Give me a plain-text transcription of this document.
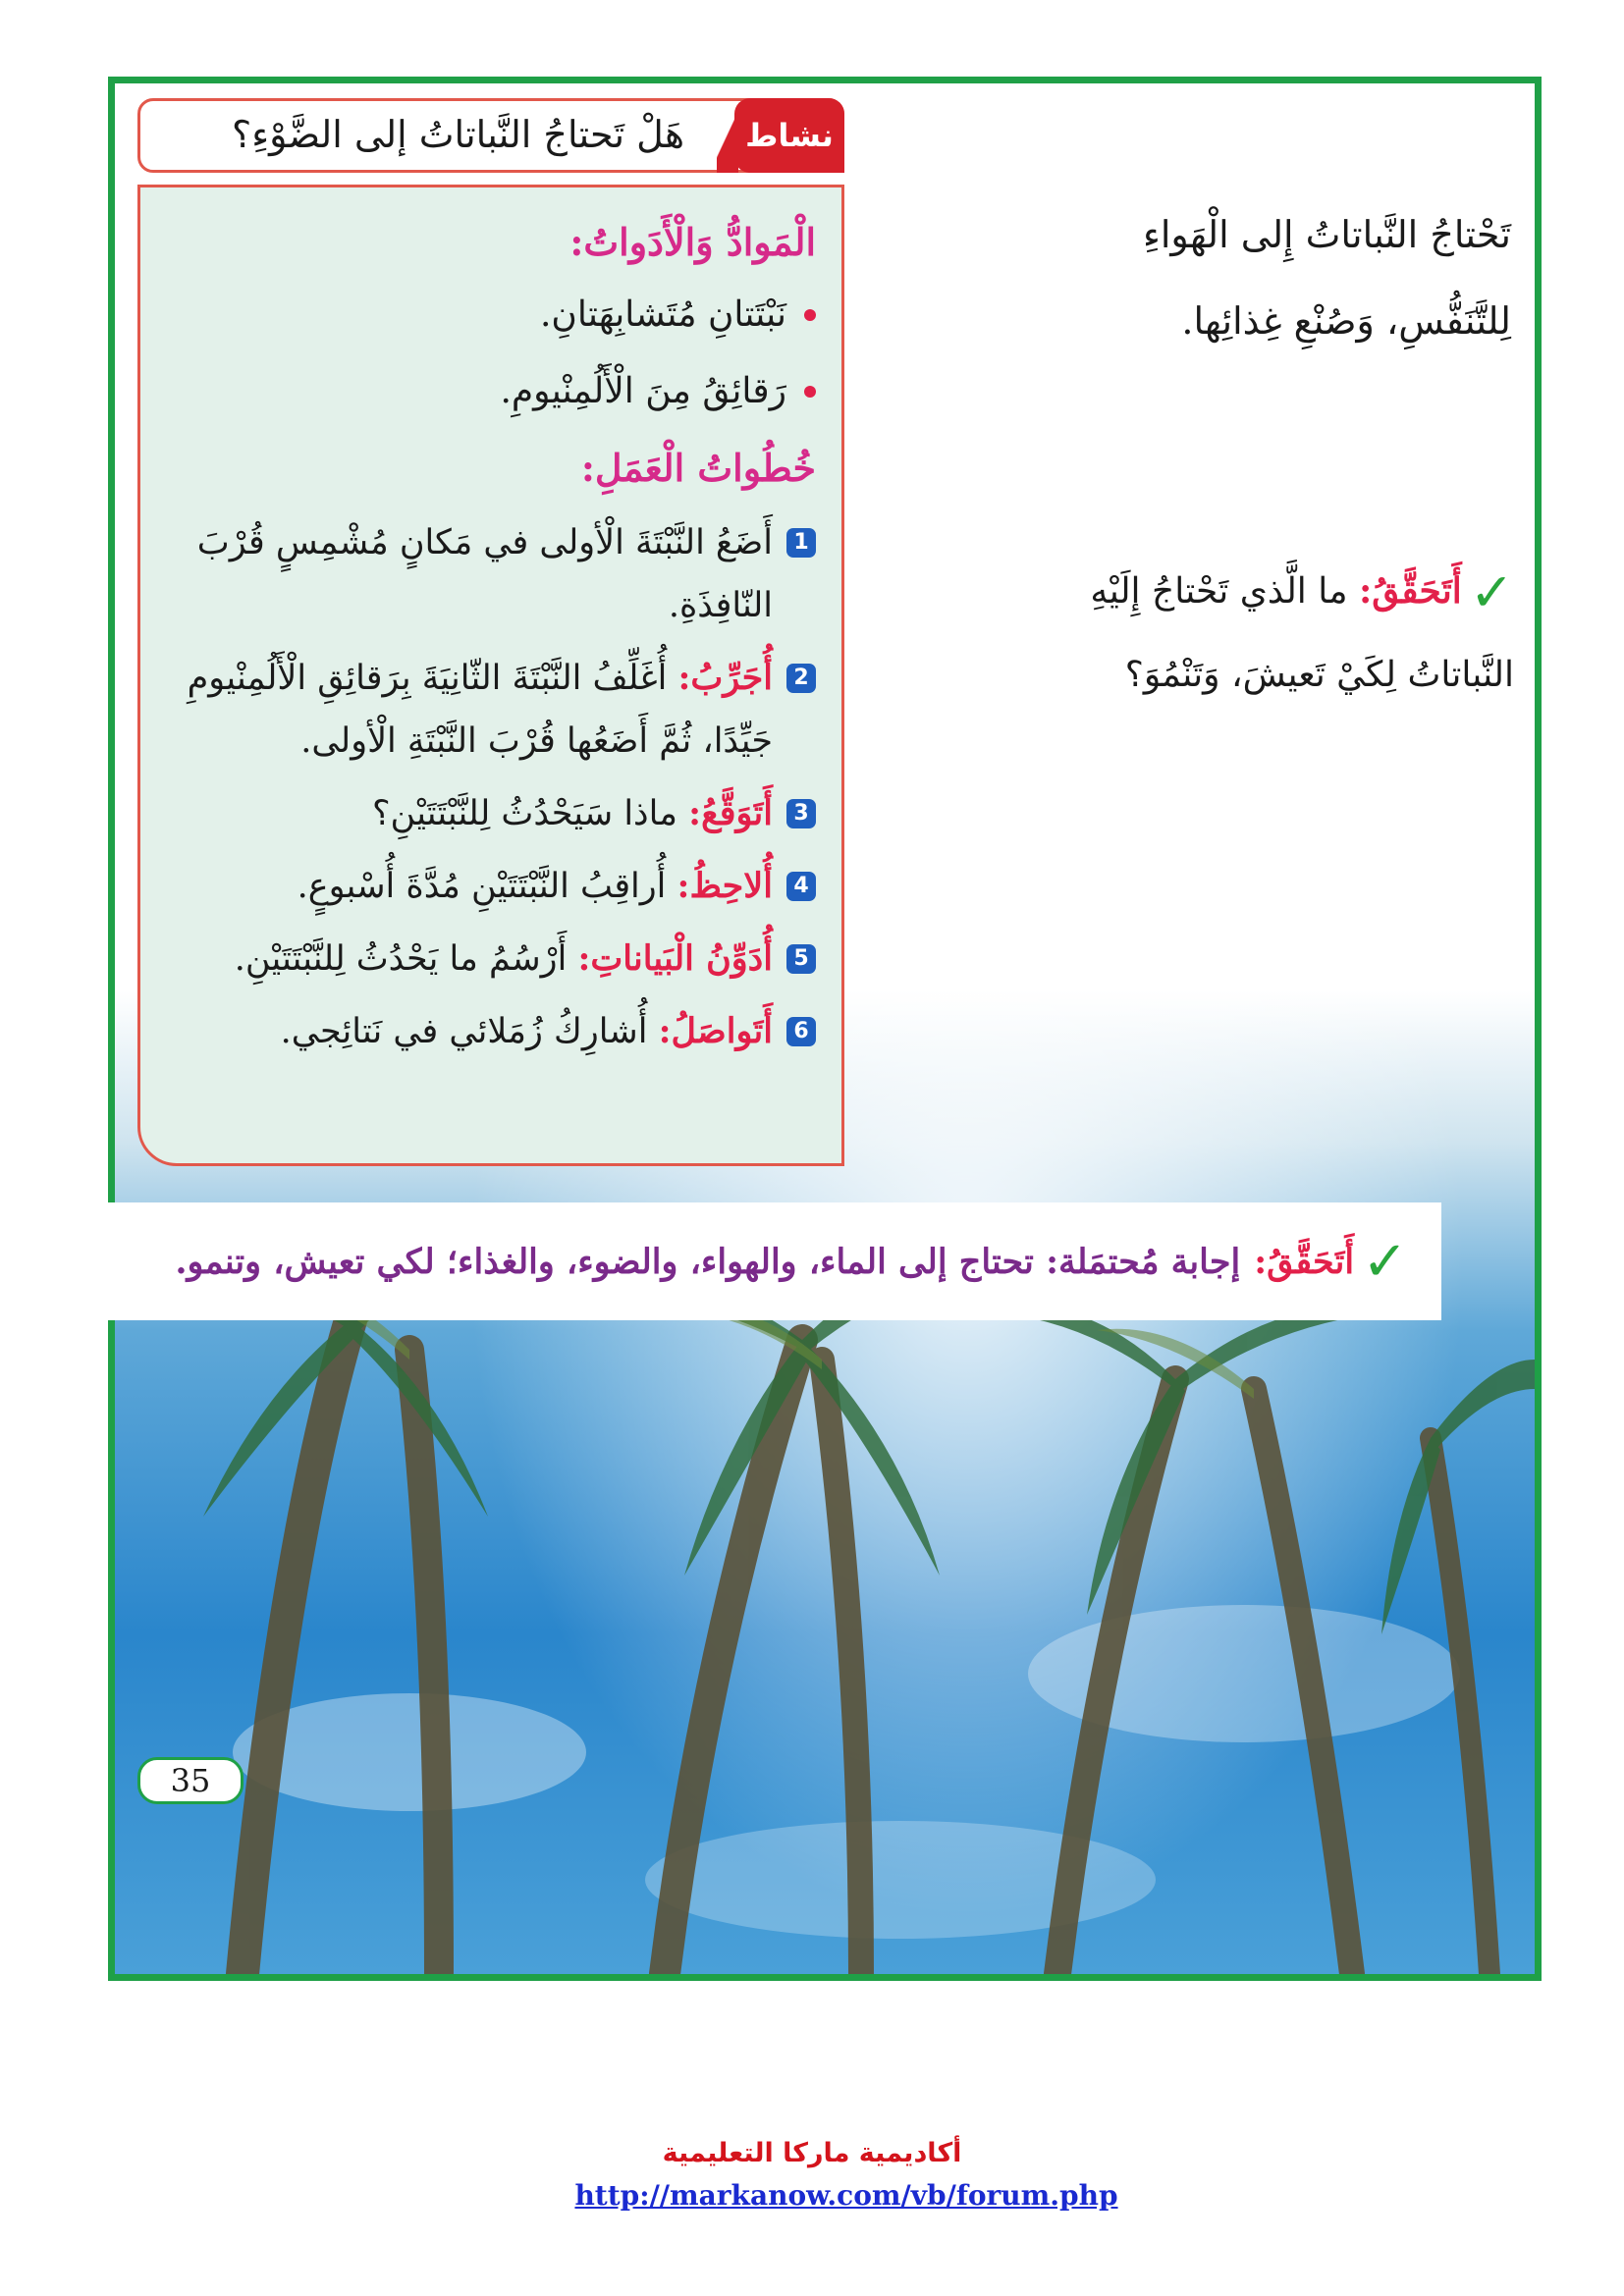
نشاط
هَلْ تَحتاجُ النَّباتاتُ إلى الضَّوْءِ؟
الْمَوادُّ وَالْأَدَواتُ:
نَبْتَتانِ مُتَشابِهَتانِ.
رَقائِقُ مِنَ الْأَلُمِنْيومِ.
خُطُواتُ الْعَمَلِ:
1
أَضَعُ النَّبْتَةَ الْأولى في مَكانٍ مُشْمِسٍ قُرْبَ النّافِذَةِ.
2
أُجَرِّبُ: أُغَلِّفُ النَّبْتَةَ الثّانِيَةَ بِرَقائِقِ الْأَلُمِنْيومِ جَيِّدًا، ثُمَّ أَضَعُها قُرْبَ النَّبْتَةِ الْأولى.
3
أَتَوَقَّعُ: ماذا سَيَحْدُثُ لِلنَّبْتَتَيْنِ؟
4
أُلاحِظُ: أُراقِبُ النَّبْتَتَيْنِ مُدَّةَ أُسْبوعٍ.
5
أُدَوِّنُ الْبَياناتِ: أَرْسُمُ ما يَحْدُثُ لِلنَّبْتَتَيْنِ.
6
أَتَواصَلُ: أُشارِكُ زُمَلائي في نَتائِجي.
تَحْتاجُ النَّباتاتُ إِلى الْهَواءِ لِلتَّنَفُّسِ، وَصُنْعِ غِذائِها.
✓أَتَحَقَّقُ: ما الَّذي تَحْتاجُ إِلَيْهِ النَّباتاتُ لِكَيْ تَعيشَ، وَتَنْمُوَ؟
✓
أَتَحَقَّقُ:
إجابة مُحتمَلة: تحتاج إلى الماء، والهواء، والضوء، والغذاء؛ لكي تعيش، وتنمو.
35
أكاديمية ماركا التعليمية
http://markanow.com/vb/forum.php
